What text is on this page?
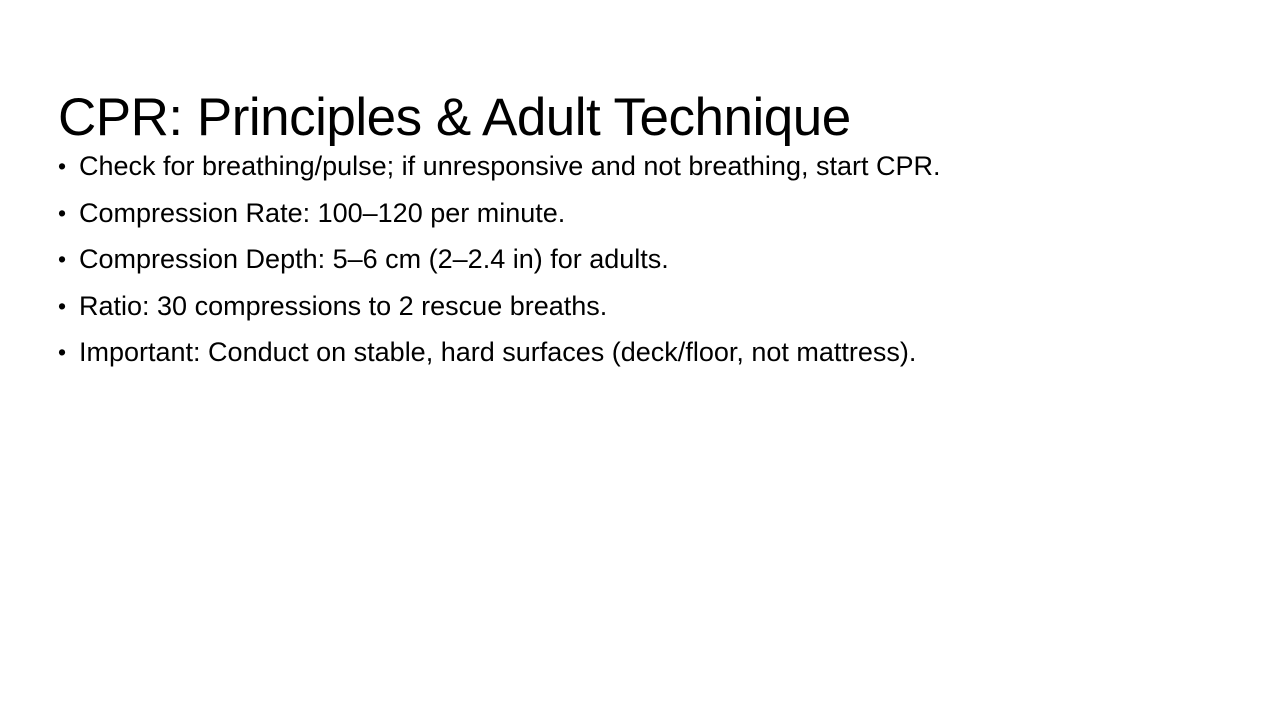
CPR: Principles & Adult Technique
• Check for breathing/pulse; if unresponsive and not breathing, start CPR.
• Compression Rate: 100–120 per minute.
• Compression Depth: 5–6 cm (2–2.4 in) for adults.
• Ratio: 30 compressions to 2 rescue breaths.
• Important: Conduct on stable, hard surfaces (deck/floor, not mattress).
